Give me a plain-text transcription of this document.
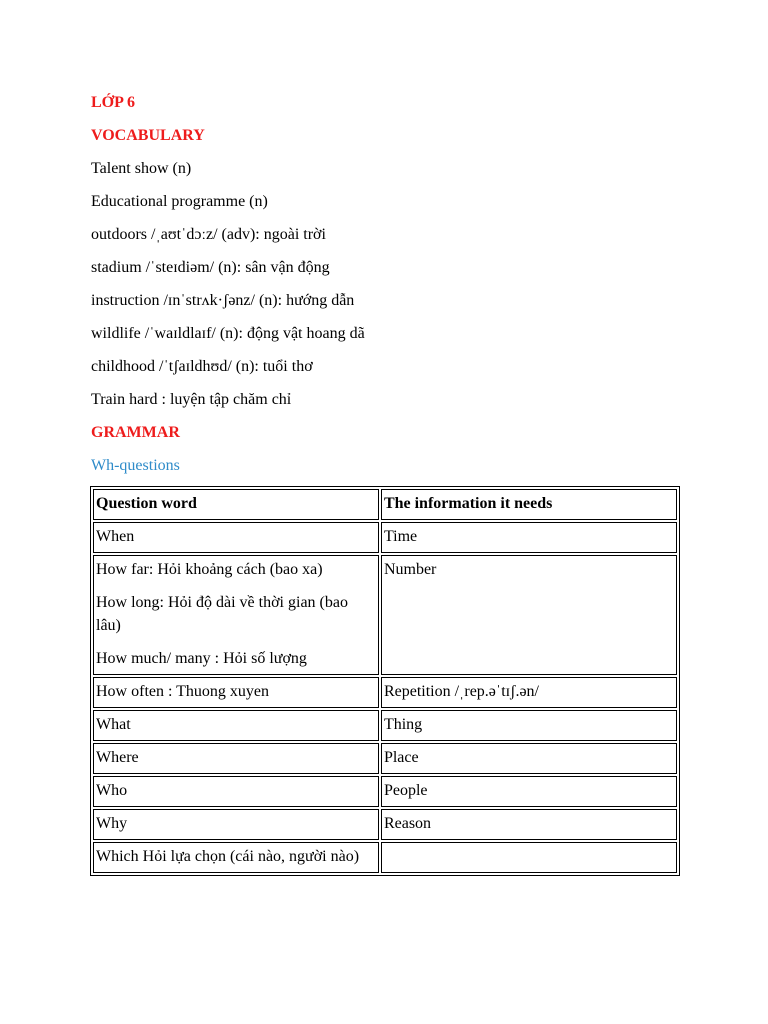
LỚP 6
VOCABULARY
Talent show (n)
Educational programme (n)
outdoors /ˌaʊtˈdɔːz/ (adv): ngoài trời
stadium /ˈsteɪdiəm/ (n): sân vận động
instruction /ɪnˈstrʌk·ʃənz/ (n): hướng dẫn
wildlife /ˈwaɪldlaɪf/ (n): động vật hoang dã
childhood /ˈtʃaɪldhʊd/ (n): tuổi thơ
Train hard : luyện tập chăm chỉ
GRAMMAR
Wh-questions
Question word	The information it needs

When	Time

How far: Hỏi khoảng cách (bao xa)
How long: Hỏi độ dài về thời gian (bao lâu)
How much/ many : Hỏi số lượng	Number

How often : Thuong xuyen	Repetition /ˌrep.əˈtɪʃ.ən/

What	Thing

Where	Place

Who	People

Why	Reason

Which Hỏi lựa chọn (cái nào, người nào)	
